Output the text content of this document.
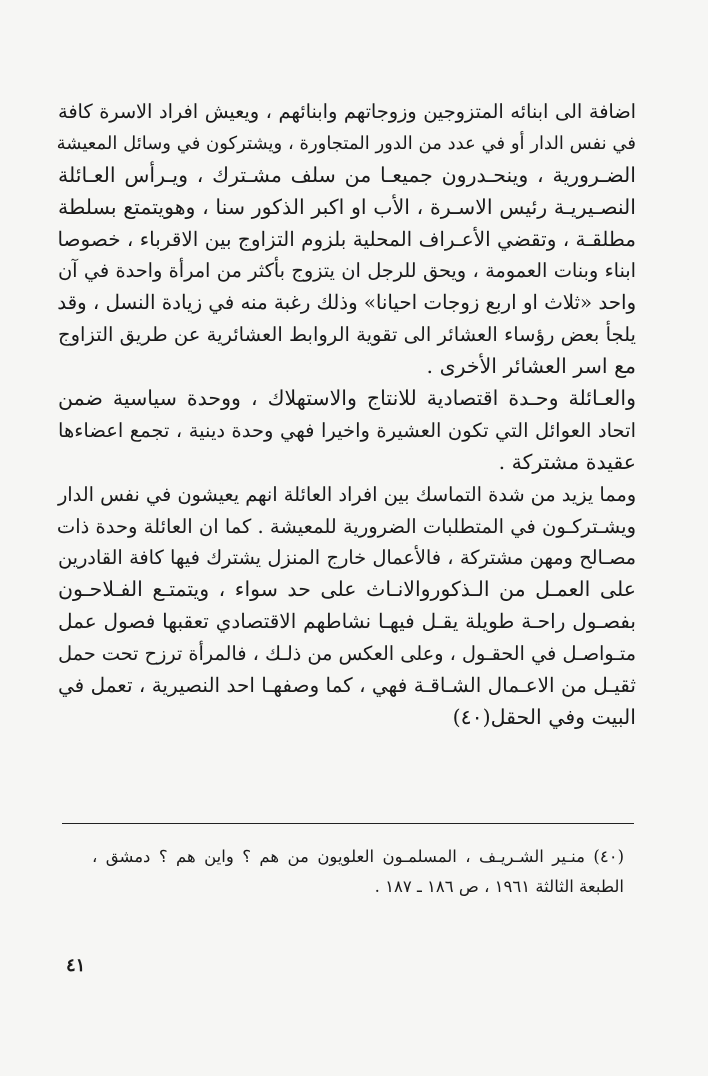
اضافة الى ابنائه المتزوجين وزوجاتهم وابنائهم ، ويعيش افراد الاسرة كافة
في نفس الدار أو في عدد من الدور المتجاورة ، ويشتركون في وسائل المعيشة
الضـرورية ، وينحـدرون جميعـا من سلف مشـترك ، ويـرأس العـائلة
النصـيريـة رئيس الاسـرة ، الأب او اكبر الذكور سنا ، وهويتمتع بسلطة
مطلقـة ، وتقضي الأعـراف المحلية بلزوم التزاوج بين الاقرباء ، خصوصا
ابناء وبنات العمومة ، ويحق للرجل ان يتزوج بأكثر من امرأة واحدة في آن
واحد «ثلاث او اربع زوجات احيانا» وذلك رغبة منه في زيادة النسل ، وقد
يلجأ بعض رؤساء العشائر الى تقوية الروابط العشائرية عن طريق التزاوج
مع اسر العشائر الأخرى .
والعـائلة وحـدة اقتصادية للانتاج والاستهلاك ، ووحدة سياسية ضمن
اتحاد العوائل التي تكون العشيرة واخيرا فهي وحدة دينية ، تجمع اعضاءها
عقيدة مشتركة .
ومما يزيد من شدة التماسك بين افراد العائلة انهم يعيشون في نفس الدار
ويشـتركـون في المتطلبات الضرورية للمعيشة . كما ان العائلة وحدة ذات
مصـالح ومهن مشتركة ، فالأعمال خارج المنزل يشترك فيها كافة القادرين
على العمـل من الـذكوروالانـاث على حد سواء ، ويتمتـع الفـلاحـون
بفصـول راحـة طويلة يقـل فيهـا نشاطهم الاقتصادي تعقبها فصول عمل
متـواصـل في الحقـول ، وعلى العكس من ذلـك ، فالمرأة ترزح تحت حمل
ثقيـل من الاعـمال الشـاقـة فهي ، كما وصفهـا احد النصيرية ، تعمل في
البيت وفي الحقل(٤٠)
(٤٠) منـير الشـريـف ، المسلمـون العلويون من هم ؟ واين هم ؟ دمشق ،
الطبعة الثالثة ١٩٦١ ، ص ١٨٦ ـ ١٨٧ .
٤١
